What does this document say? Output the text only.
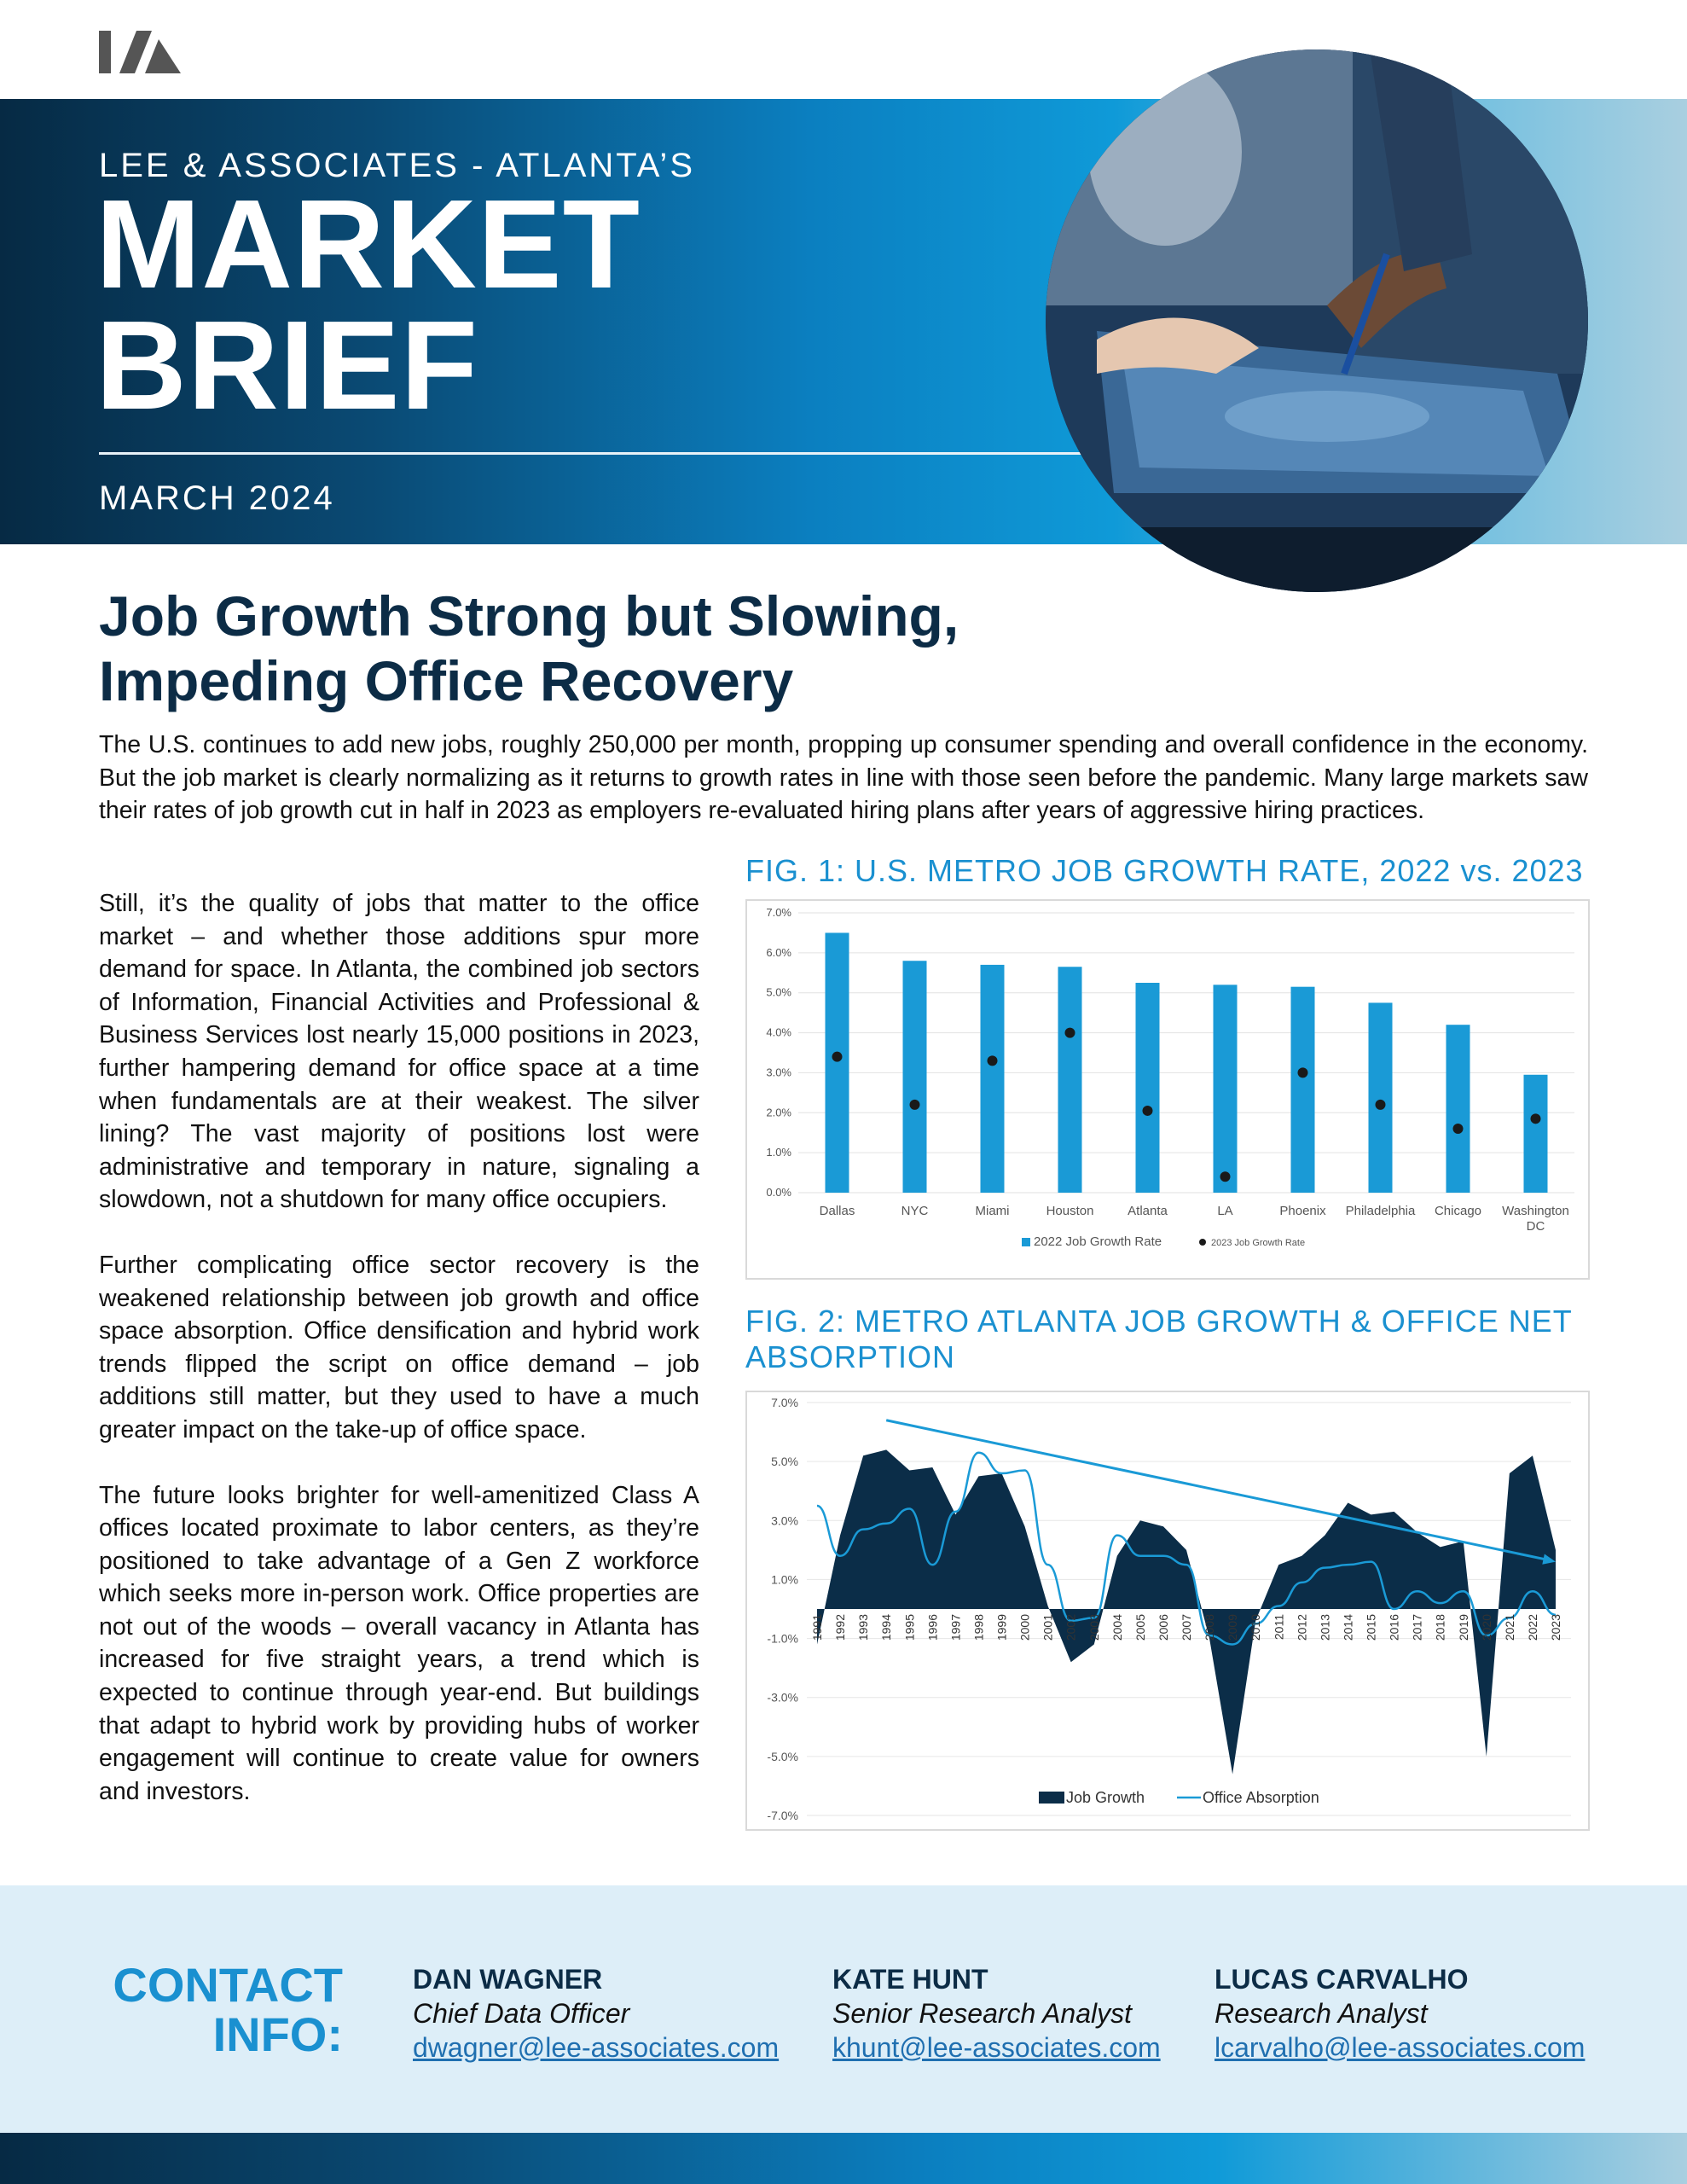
LEE & ASSOCIATES - ATLANTA’S
MARKET
BRIEF
MARCH 2024
Job Growth Strong but Slowing,
Impeding Office Recovery

The U.S. continues to add new jobs, roughly 250,000 per month, propping up consumer spending and overall confidence in the economy. But the job market is clearly normalizing as it returns to growth rates in line with those seen before the pandemic. Many large markets saw their rates of job growth cut in half in 2023 as employers re-evaluated hiring plans after years of aggressive hiring practices.

Still, it’s the quality of jobs that matter to the office market – and whether those additions spur more demand for space. In Atlanta, the combined job sectors of Information, Financial Activities and Professional & Business Services lost nearly 15,000 positions in 2023, further hampering demand for office space at a time when fundamentals are at their weakest. The silver lining? The vast majority of positions lost were administrative and temporary in nature, signaling a slowdown, not a shutdown for many office occupiers.

Further complicating office sector recovery is the weakened relationship between job growth and office space absorption. Office densification and hybrid work trends flipped the script on office demand – job additions still matter, but they used to have a much greater impact on the take-up of office space.

The future looks brighter for well-amenitized Class A offices located proximate to labor centers, as they’re positioned to take advantage of a Gen Z workforce which seeks more in-person work. Office properties are not out of the woods – overall vacancy in Atlanta has increased for five straight years, a trend which is expected to continue through year-end. But buildings that adapt to hybrid work by providing hubs of worker engagement will continue to create value for owners and investors.

FIG. 1: U.S. METRO JOB GROWTH RATE, 2022 vs. 2023
0.0%
1.0%
2.0%
3.0%
4.0%
5.0%
6.0%
7.0%
Dallas	NYC	Miami	Houston	Atlanta	LA	Phoenix Philadelphia Chicago Washington DC
2022 Job Growth Rate	2023 Job Growth Rate
FIG. 2: METRO ATLANTA JOB GROWTH & OFFICE NET
ABSORPTION
-7.0%
-5.0%
-3.0%
-1.0%
1.0%
3.0%
5.0%
7.0%
1991 1992 1993 1994 1995 1996 1997 1998 1999 2000 2001 2002 2003 2004 2005 2006 2007 2008 2009 2010 2011 2012 2013 2014 2015 2016 2017 2018 2019 2020 2021 2022 2023
Job Growth	Office Absorption
CONTACT
INFO:
DAN WAGNER
Chief Data Officer
dwagner@lee-associates.com
KATE HUNT
Senior Research Analyst
khunt@lee-associates.com
LUCAS CARVALHO
Research Analyst
lcarvalho@lee-associates.com
